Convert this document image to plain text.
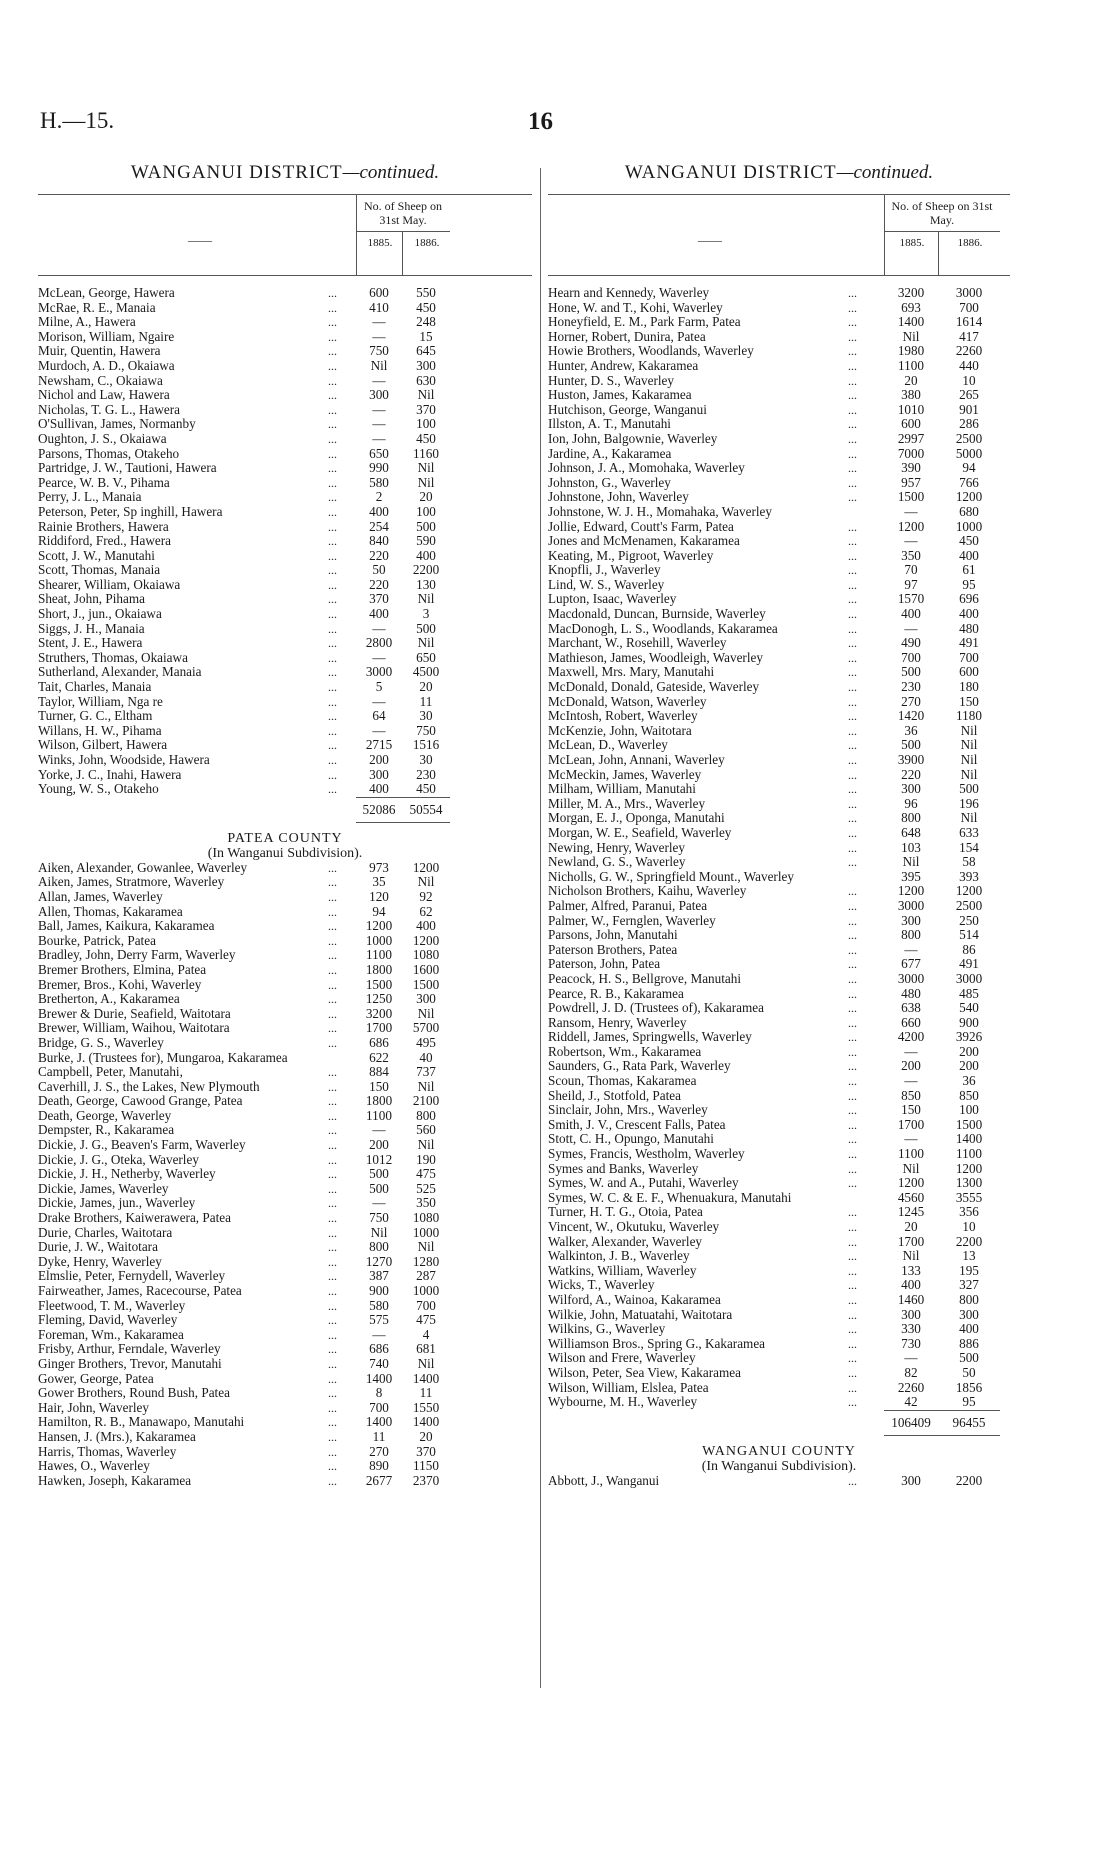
H.—15.	16
WANGANUI DISTRICT—continued.
——
No. of Sheep on 31st May.
1885.	1886.
McLean, George, Hawera	...	600	550
McRae, R. E., Manaia	...	410	450
Milne, A., Hawera	...	—	248
Morison, William, Ngaire	...	—	15
Muir, Quentin, Hawera	...	750	645
Murdoch, A. D., Okaiawa	...	Nil	300
Newsham, C., Okaiawa	...	—	630
Nichol and Law, Hawera	...	300	Nil
Nicholas, T. G. L., Hawera	...	—	370
O'Sullivan, James, Normanby	...	—	100
Oughton, J. S., Okaiawa	...	—	450
Parsons, Thomas, Otakeho	...	650	1160
Partridge, J. W., Tautioni, Hawera	...	990	Nil
Pearce, W. B. V., Pihama	...	580	Nil
Perry, J. L., Manaia	...	2	20
Peterson, Peter, Sp inghill, Hawera	...	400	100
Rainie Brothers, Hawera	...	254	500
Riddiford, Fred., Hawera	...	840	590
Scott, J. W., Manutahi	...	220	400
Scott, Thomas, Manaia	...	50	2200
Shearer, William, Okaiawa	...	220	130
Sheat, John, Pihama	...	370	Nil
Short, J., jun., Okaiawa	...	400	3
Siggs, J. H., Manaia	...	—	500
Stent, J. E., Hawera	...	2800	Nil
Struthers, Thomas, Okaiawa	...	—	650
Sutherland, Alexander, Manaia	...	3000	4500
Tait, Charles, Manaia	...	5	20
Taylor, William, Nga re	...	—	11
Turner, G. C., Eltham	...	64	30
Willans, H. W., Pihama	...	—	750
Wilson, Gilbert, Hawera	...	2715	1516
Winks, John, Woodside, Hawera	...	200	30
Yorke, J. C., Inahi, Hawera	...	300	230
Young, W. S., Otakeho	...	400	450
52086	50554
PATEA COUNTY
(In Wanganui Subdivision).
Aiken, Alexander, Gowanlee, Waverley	...	973	1200
Aiken, James, Stratmore, Waverley	...	35	Nil
Allan, James, Waverley	...	120	92
Allen, Thomas, Kakaramea	...	94	62
Ball, James, Kaikura, Kakaramea	...	1200	400
Bourke, Patrick, Patea	...	1000	1200
Bradley, John, Derry Farm, Waverley	...	1100	1080
Bremer Brothers, Elmina, Patea	...	1800	1600
Bremer, Bros., Kohi, Waverley	...	1500	1500
Bretherton, A., Kakaramea	...	1250	300
Brewer & Durie, Seafield, Waitotara	...	3200	Nil
Brewer, William, Waihou, Waitotara	...	1700	5700
Bridge, G. S., Waverley	...	686	495
Burke, J. (Trustees for), Mungaroa, Kakaramea	622	40
Campbell, Peter, Manutahi,	...	884	737
Caverhill, J. S., the Lakes, New Plymouth	...	150	Nil
Death, George, Cawood Grange, Patea	...	1800	2100
Death, George, Waverley	...	1100	800
Dempster, R., Kakaramea	...	—	560
Dickie, J. G., Beaven's Farm, Waverley	...	200	Nil
Dickie, J. G., Oteka, Waverley	...	1012	190
Dickie, J. H., Netherby, Waverley	...	500	475
Dickie, James, Waverley	...	500	525
Dickie, James, jun., Waverley	...	—	350
Drake Brothers, Kaiwerawera, Patea	...	750	1080
Durie, Charles, Waitotara	...	Nil	1000
Durie, J. W., Waitotara	...	800	Nil
Dyke, Henry, Waverley	...	1270	1280
Elmslie, Peter, Fernydell, Waverley	...	387	287
Fairweather, James, Racecourse, Patea	...	900	1000
Fleetwood, T. M., Waverley	...	580	700
Fleming, David, Waverley	...	575	475
Foreman, Wm., Kakaramea	...	—	4
Frisby, Arthur, Ferndale, Waverley	...	686	681
Ginger Brothers, Trevor, Manutahi	...	740	Nil
Gower, George, Patea	...	1400	1400
Gower Brothers, Round Bush, Patea	...	8	11
Hair, John, Waverley	...	700	1550
Hamilton, R. B., Manawapo, Manutahi	...	1400	1400
Hansen, J. (Mrs.), Kakaramea	...	11	20
Harris, Thomas, Waverley	...	270	370
Hawes, O., Waverley	...	890	1150
Hawken, Joseph, Kakaramea	...	2677	2370
WANGANUI DISTRICT—continued.
——
No. of Sheep on 31st May.
1885.	1886.
Hearn and Kennedy, Waverley	...	3200	3000
Hone, W. and T., Kohi, Waverley	...	693	700
Honeyfield, E. M., Park Farm, Patea	...	1400	1614
Horner, Robert, Dunira, Patea	...	Nil	417
Howie Brothers, Woodlands, Waverley	...	1980	2260
Hunter, Andrew, Kakaramea	...	1100	440
Hunter, D. S., Waverley	...	20	10
Huston, James, Kakaramea	...	380	265
Hutchison, George, Wanganui	...	1010	901
Illston, A. T., Manutahi	...	600	286
Ion, John, Balgownie, Waverley	...	2997	2500
Jardine, A., Kakaramea	...	7000	5000
Johnson, J. A., Momohaka, Waverley	...	390	94
Johnston, G., Waverley	...	957	766
Johnstone, John, Waverley	...	1500	1200
Johnstone, W. J. H., Momahaka, Waverley	—	680
Jollie, Edward, Coutt's Farm, Patea	...	1200	1000
Jones and McMenamen, Kakaramea	...	—	450
Keating, M., Pigroot, Waverley	...	350	400
Knopfli, J., Waverley	...	70	61
Lind, W. S., Waverley	...	97	95
Lupton, Isaac, Waverley	...	1570	696
Macdonald, Duncan, Burnside, Waverley	...	400	400
MacDonogh, L. S., Woodlands, Kakaramea	...	—	480
Marchant, W., Rosehill, Waverley	...	490	491
Mathieson, James, Woodleigh, Waverley	...	700	700
Maxwell, Mrs. Mary, Manutahi	...	500	600
McDonald, Donald, Gateside, Waverley	...	230	180
McDonald, Watson, Waverley	...	270	150
McIntosh, Robert, Waverley	...	1420	1180
McKenzie, John, Waitotara	...	36	Nil
McLean, D., Waverley	...	500	Nil
McLean, John, Annani, Waverley	...	3900	Nil
McMeckin, James, Waverley	...	220	Nil
Milham, William, Manutahi	...	300	500
Miller, M. A., Mrs., Waverley	...	96	196
Morgan, E. J., Oponga, Manutahi	...	800	Nil
Morgan, W. E., Seafield, Waverley	...	648	633
Newing, Henry, Waverley	...	103	154
Newland, G. S., Waverley	...	Nil	58
Nicholls, G. W., Springfield Mount., Waverley	395	393
Nicholson Brothers, Kaihu, Waverley	...	1200	1200
Palmer, Alfred, Paranui, Patea	...	3000	2500
Palmer, W., Fernglen, Waverley	...	300	250
Parsons, John, Manutahi	...	800	514
Paterson Brothers, Patea	...	—	86
Paterson, John, Patea	...	677	491
Peacock, H. S., Bellgrove, Manutahi	...	3000	3000
Pearce, R. B., Kakaramea	...	480	485
Powdrell, J. D. (Trustees of), Kakaramea	...	638	540
Ransom, Henry, Waverley	...	660	900
Riddell, James, Springwells, Waverley	...	4200	3926
Robertson, Wm., Kakaramea	...	—	200
Saunders, G., Rata Park, Waverley	...	200	200
Scoun, Thomas, Kakaramea	...	—	36
Sheild, J., Stotfold, Patea	...	850	850
Sinclair, John, Mrs., Waverley	...	150	100
Smith, J. V., Crescent Falls, Patea	...	1700	1500
Stott, C. H., Opungo, Manutahi	...	—	1400
Symes, Francis, Westholm, Waverley	...	1100	1100
Symes and Banks, Waverley	...	Nil	1200
Symes, W. and A., Putahi, Waverley	...	1200	1300
Symes, W. C. & E. F., Whenuakura, Manutahi	4560	3555
Turner, H. T. G., Otoia, Patea	...	1245	356
Vincent, W., Okutuku, Waverley	...	20	10
Walker, Alexander, Waverley	...	1700	2200
Walkinton, J. B., Waverley	...	Nil	13
Watkins, William, Waverley	...	133	195
Wicks, T., Waverley	...	400	327
Wilford, A., Wainoa, Kakaramea	...	1460	800
Wilkie, John, Matuatahi, Waitotara	...	300	300
Wilkins, G., Waverley	...	330	400
Williamson Bros., Spring G., Kakaramea	...	730	886
Wilson and Frere, Waverley	...	—	500
Wilson, Peter, Sea View, Kakaramea	...	82	50
Wilson, William, Elslea, Patea	...	2260	1856
Wybourne, M. H., Waverley	...	42	95
106409	96455
WANGANUI COUNTY
(In Wanganui Subdivision).
Abbott, J., Wanganui	...	300	2200
